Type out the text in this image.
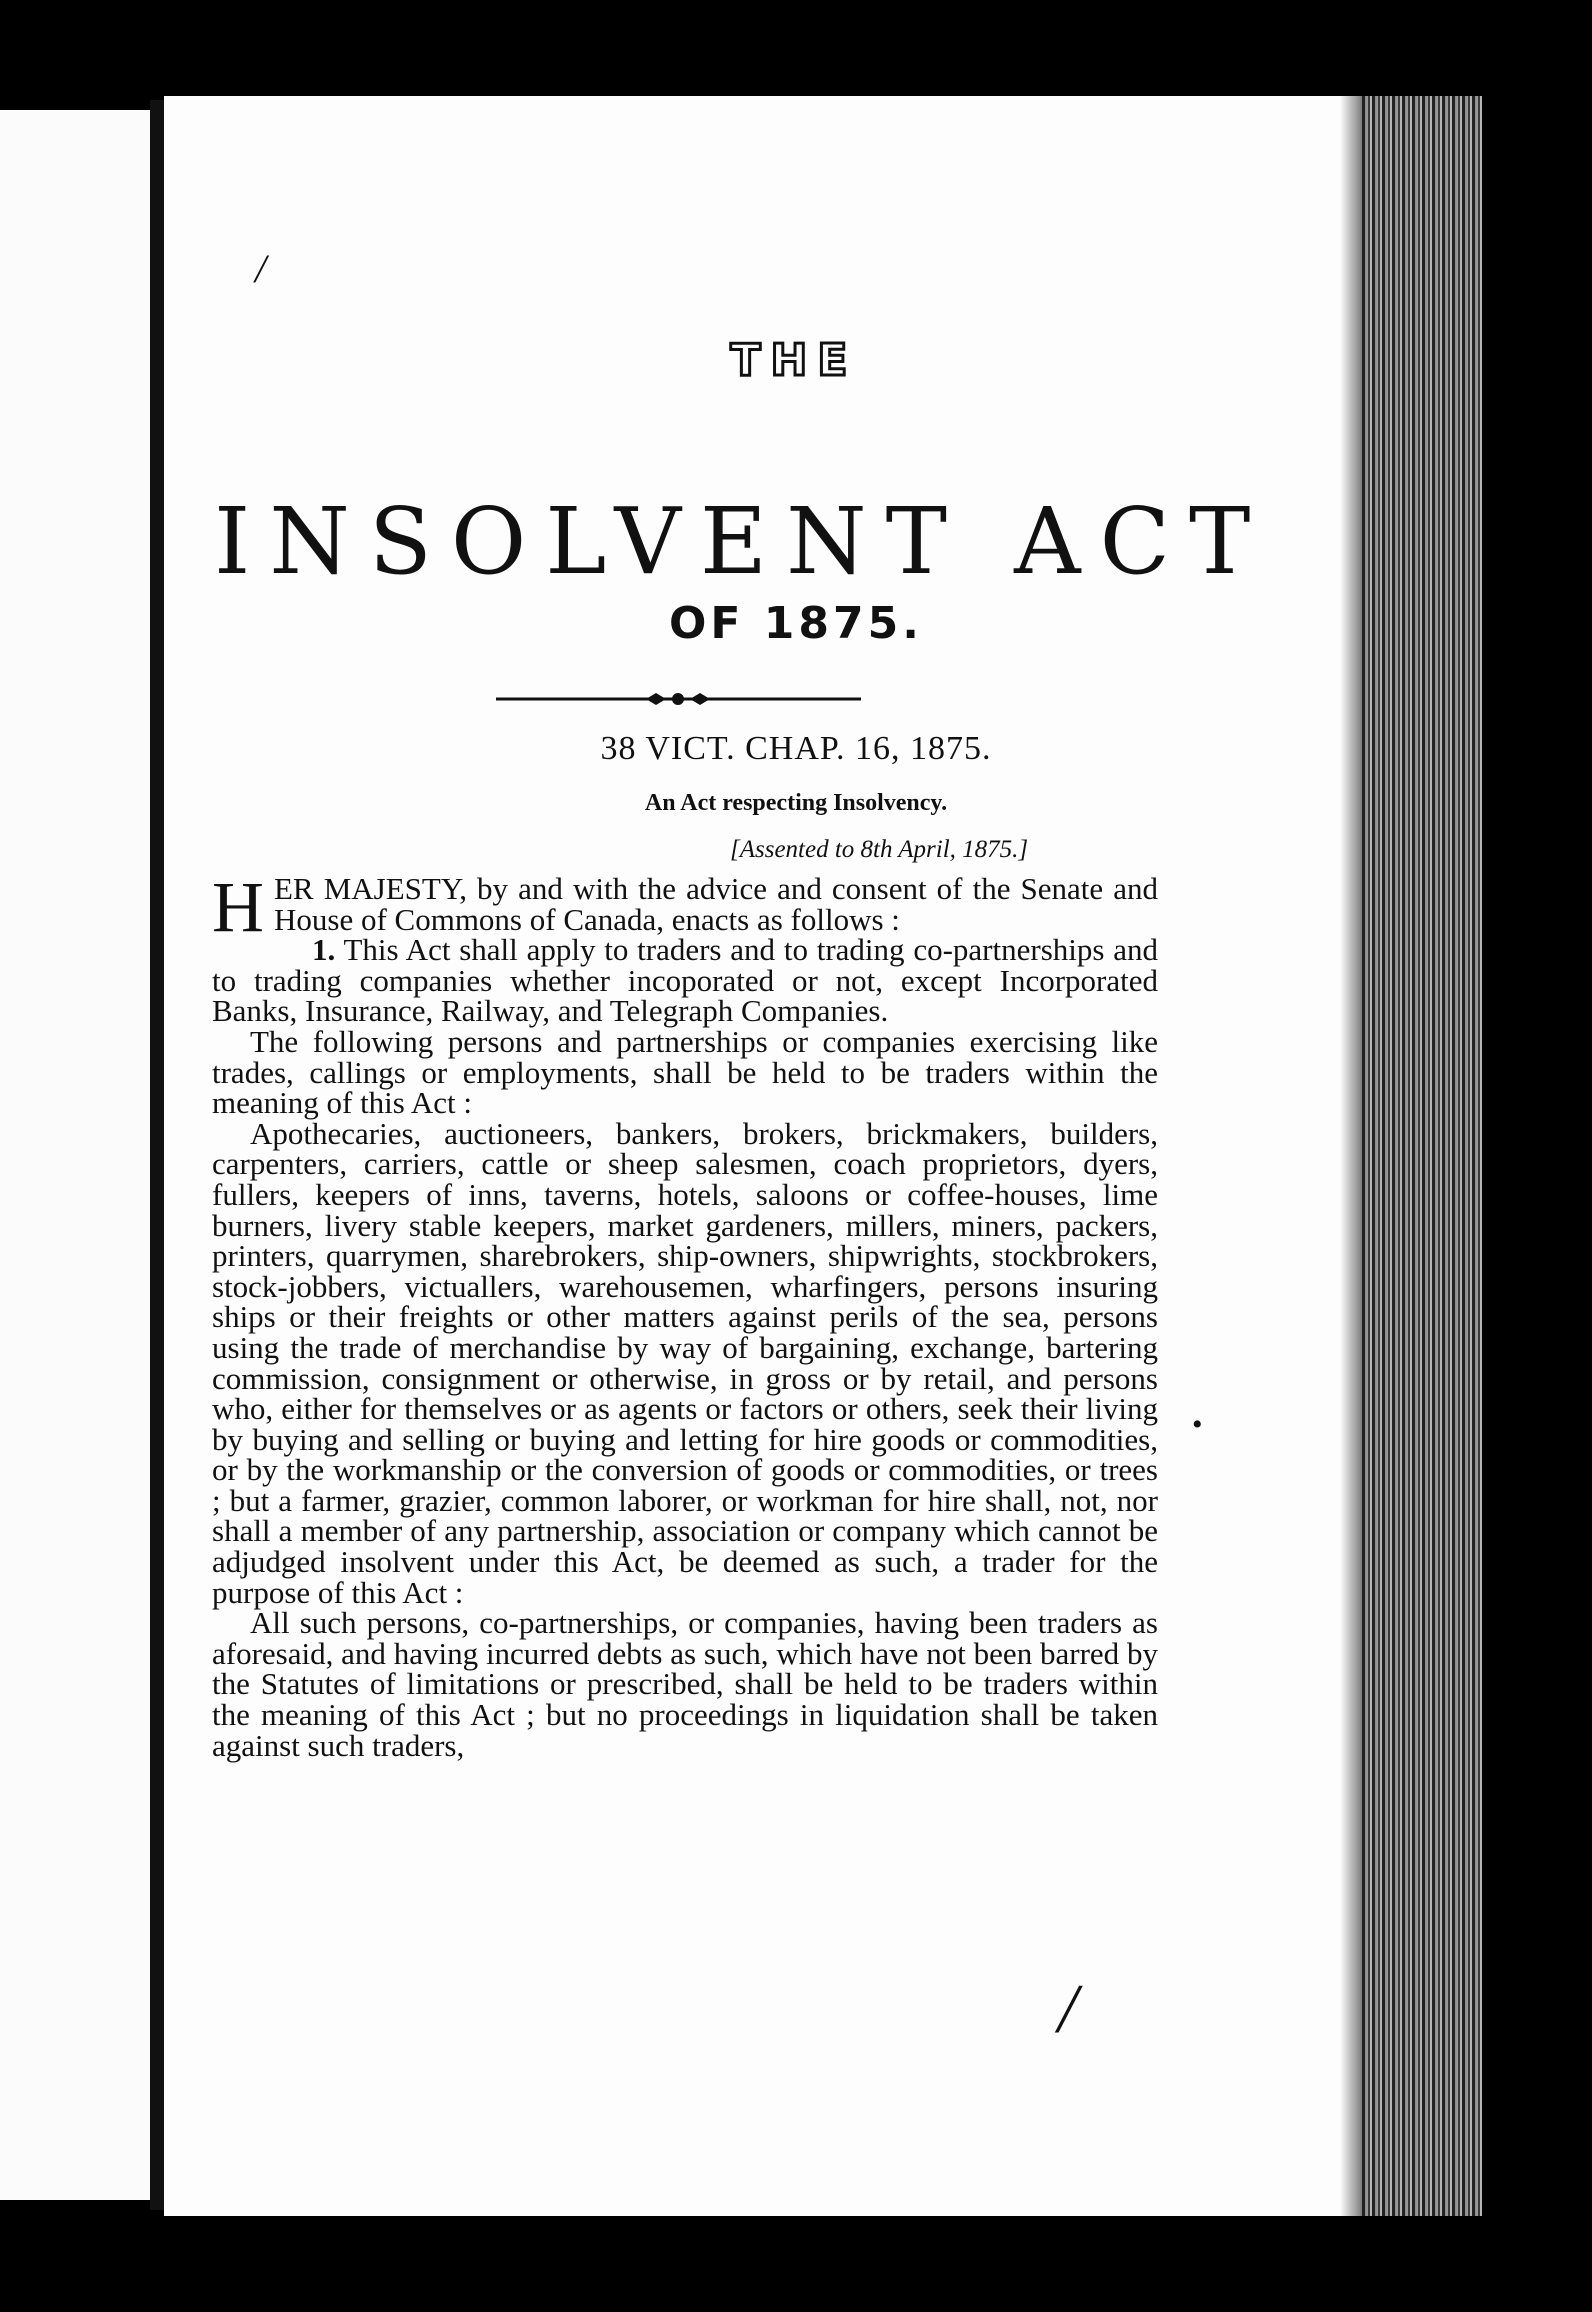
THE
INSOLVENT ACT
OF 1875.
38 VICT. CHAP. 16, 1875.
An Act respecting Insolvency.
[Assented to 8th April, 1875.]

HER MAJESTY, by and with the advice and consent of the Senate and House of Commons of Canada, enacts as follows :

1. This Act shall apply to traders and to trading co-partnerships and to trading companies whether incoporated or not, except Incorporated Banks, Insurance, Railway, and Telegraph Companies.

The following persons and partnerships or companies exercising like trades, callings or employments, shall be held to be traders within the meaning of this Act :

Apothecaries, auctioneers, bankers, brokers, brickmakers, builders, carpenters, carriers, cattle or sheep salesmen, coach proprietors, dyers, fullers, keepers of inns, taverns, hotels, saloons or coffee-houses, lime burners, livery stable keepers, market gardeners, millers, miners, packers, printers, quarrymen, sharebrokers, ship-owners, shipwrights, stockbrokers, stock-jobbers, victuallers, warehousemen, wharfingers, persons insuring ships or their freights or other matters against perils of the sea, persons using the trade of merchandise by way of bargaining, exchange, bartering commission, consignment or otherwise, in gross or by retail, and persons who, either for themselves or as agents or factors or others, seek their living by buying and selling or buying and letting for hire goods or commodities, or by the workmanship or the conversion of goods or commodities, or trees ; but a farmer, grazier, common laborer, or workman for hire shall, not, nor shall a member of any partnership, association or company which cannot be adjudged insolvent under this Act, be deemed as such, a trader for the purpose of this Act :

All such persons, co-partnerships, or companies, having been traders as aforesaid, and having incurred debts as such, which have not been barred by the Statutes of limitations or prescribed, shall be held to be traders within the meaning of this Act ; but no proceedings in liquidation shall be taken against such traders,

/
•
/
